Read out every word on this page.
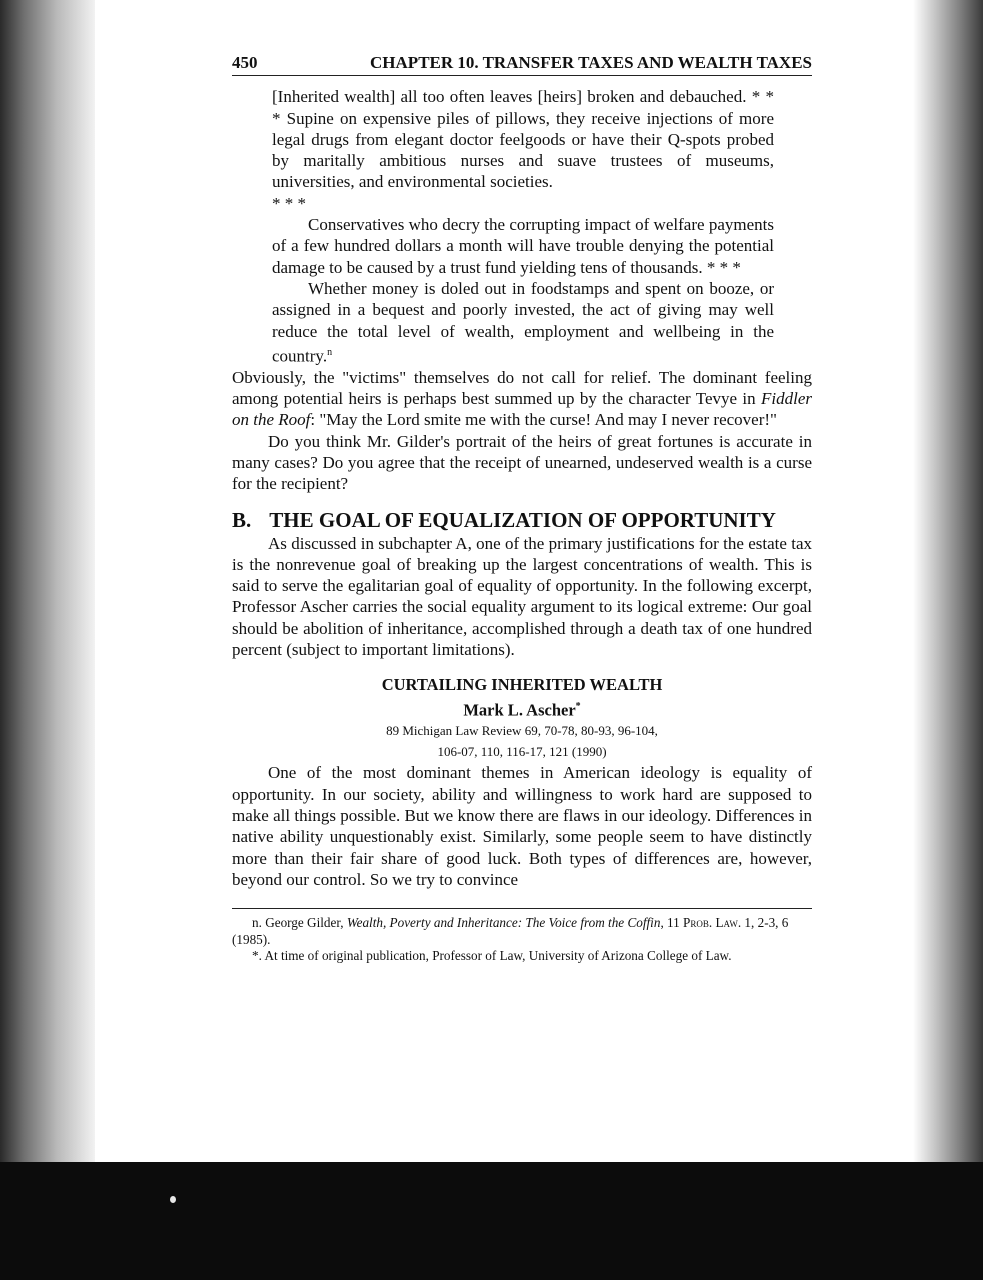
450	CHAPTER 10. TRANSFER TAXES AND WEALTH TAXES

[Inherited wealth] all too often leaves [heirs] broken and debauched. * * * Supine on expensive piles of pillows, they receive injections of more legal drugs from elegant doctor feelgoods or have their Q-spots probed by maritally ambitious nurses and suave trustees of museums, universities, and environmental societies.

* * *

Conservatives who decry the corrupting impact of welfare payments of a few hundred dollars a month will have trouble denying the potential damage to be caused by a trust fund yielding tens of thousands. * * *

Whether money is doled out in foodstamps and spent on booze, or assigned in a bequest and poorly invested, the act of giving may well reduce the total level of wealth, employment and wellbeing in the country.$^n$

Obviously, the "victims" themselves do not call for relief. The dominant feeling among potential heirs is perhaps best summed up by the character Tevye in Fiddler on the Roof: "May the Lord smite me with the curse! And may I never recover!"

Do you think Mr. Gilder's portrait of the heirs of great fortunes is accurate in many cases? Do you agree that the receipt of unearned, undeserved wealth is a curse for the recipient?

B. THE GOAL OF EQUALIZATION OF OPPORTUNITY

As discussed in subchapter A, one of the primary justifications for the estate tax is the nonrevenue goal of breaking up the largest concentrations of wealth. This is said to serve the egalitarian goal of equality of opportunity. In the following excerpt, Professor Ascher carries the social equality argument to its logical extreme: Our goal should be abolition of inheritance, accomplished through a death tax of one hundred percent (subject to important limitations).

CURTAILING INHERITED WEALTH
Mark L. Ascher*
89 Michigan Law Review 69, 70-78, 80-93, 96-104,
106-07, 110, 116-17, 121 (1990)

One of the most dominant themes in American ideology is equality of opportunity. In our society, ability and willingness to work hard are supposed to make all things possible. But we know there are flaws in our ideology. Differences in native ability unquestionably exist. Similarly, some people seem to have distinctly more than their fair share of good luck. Both types of differences are, however, beyond our control. So we try to convince

n. George Gilder, Wealth, Poverty and Inheritance: The Voice from the Coffin, 11 Prob. Law. 1, 2-3, 6 (1985).

*. At time of original publication, Professor of Law, University of Arizona College of Law.
